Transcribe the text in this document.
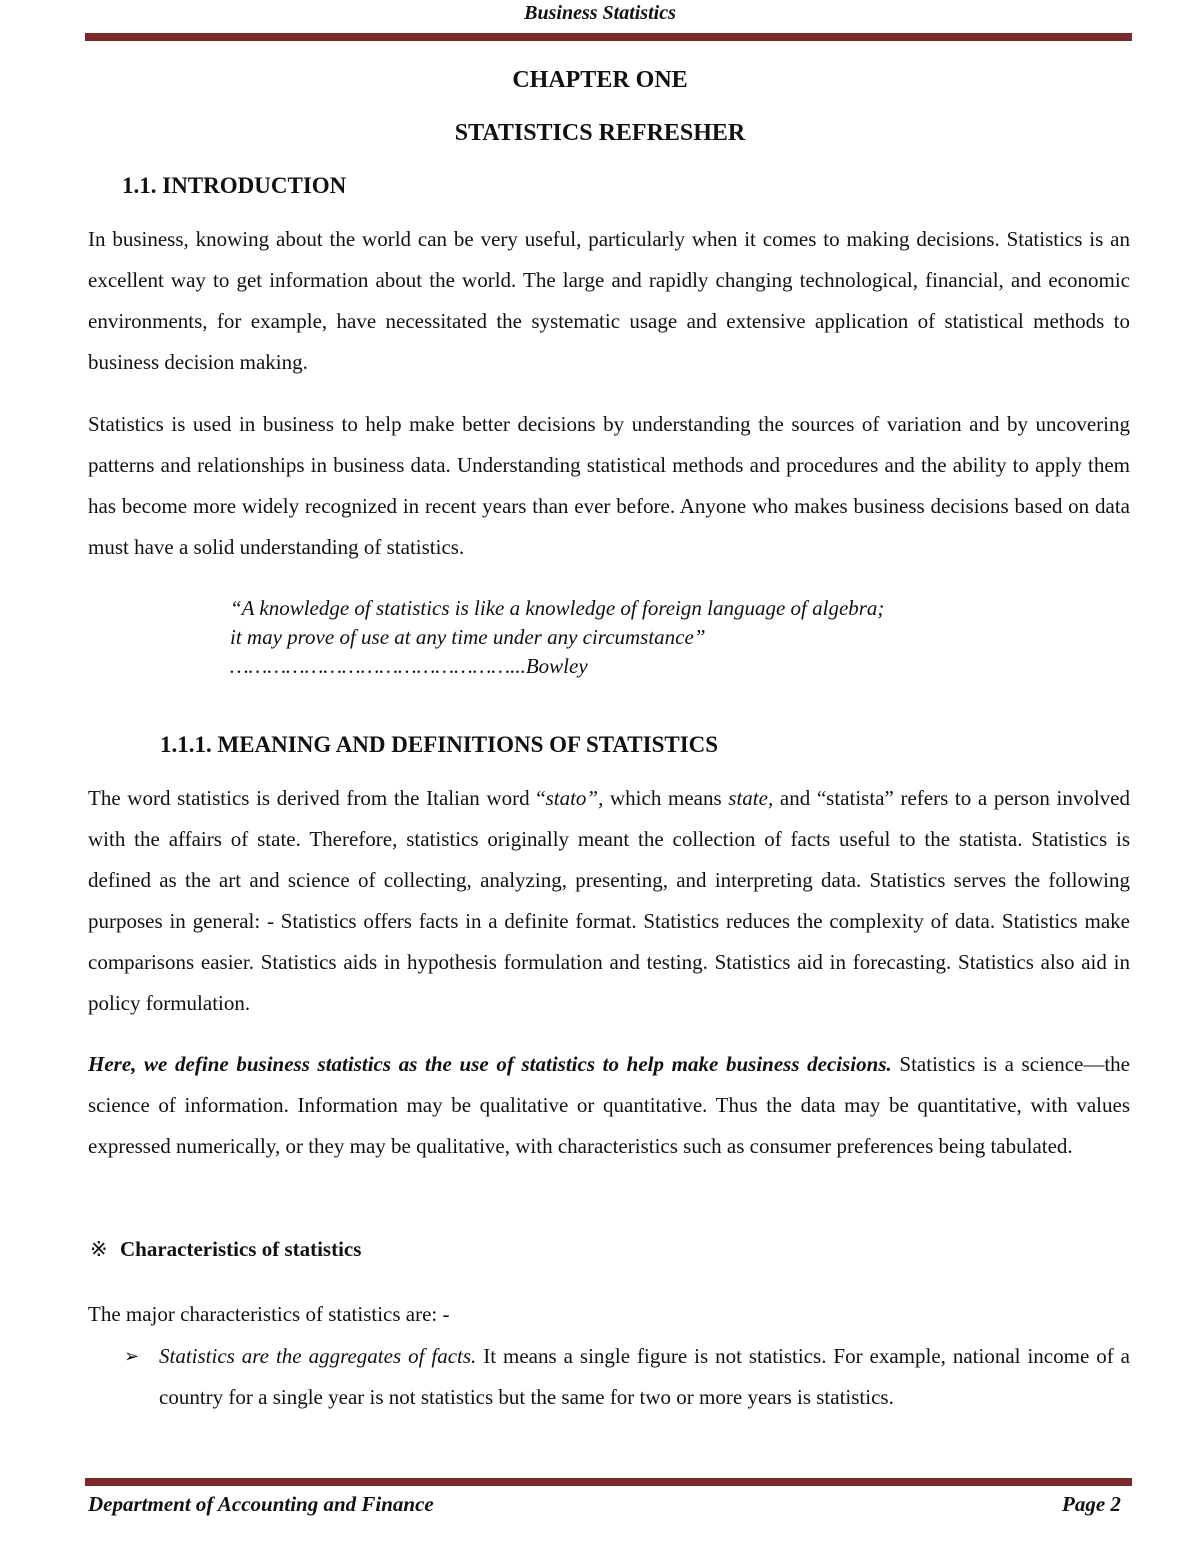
Business Statistics
CHAPTER ONE
STATISTICS REFRESHER
1.1. INTRODUCTION
In business, knowing about the world can be very useful, particularly when it comes to making decisions. Statistics is an excellent way to get information about the world. The large and rapidly changing technological, financial, and economic environments, for example, have necessitated the systematic usage and extensive application of statistical methods to business decision making.
Statistics is used in business to help make better decisions by understanding the sources of variation and by uncovering patterns and relationships in business data. Understanding statistical methods and procedures and the ability to apply them has become more widely recognized in recent years than ever before. Anyone who makes business decisions based on data must have a solid understanding of statistics.
“A knowledge of statistics is like a knowledge of foreign language of algebra; it may prove of use at any time under any circumstance”
………………………………………...Bowley
1.1.1. MEANING AND DEFINITIONS OF STATISTICS
The word statistics is derived from the Italian word “stato”, which means state, and “statista” refers to a person involved with the affairs of state. Therefore, statistics originally meant the collection of facts useful to the statista. Statistics is defined as the art and science of collecting, analyzing, presenting, and interpreting data. Statistics serves the following purposes in general: - Statistics offers facts in a definite format. Statistics reduces the complexity of data. Statistics make comparisons easier. Statistics aids in hypothesis formulation and testing. Statistics aid in forecasting. Statistics also aid in policy formulation.
Here, we define business statistics as the use of statistics to help make business decisions. Statistics is a science—the science of information. Information may be qualitative or quantitative. Thus the data may be quantitative, with values expressed numerically, or they may be qualitative, with characteristics such as consumer preferences being tabulated.
※ Characteristics of statistics
The major characteristics of statistics are: -
➢ Statistics are the aggregates of facts. It means a single figure is not statistics. For example, national income of a country for a single year is not statistics but the same for two or more years is statistics.
Department of Accounting and Finance	Page 2
